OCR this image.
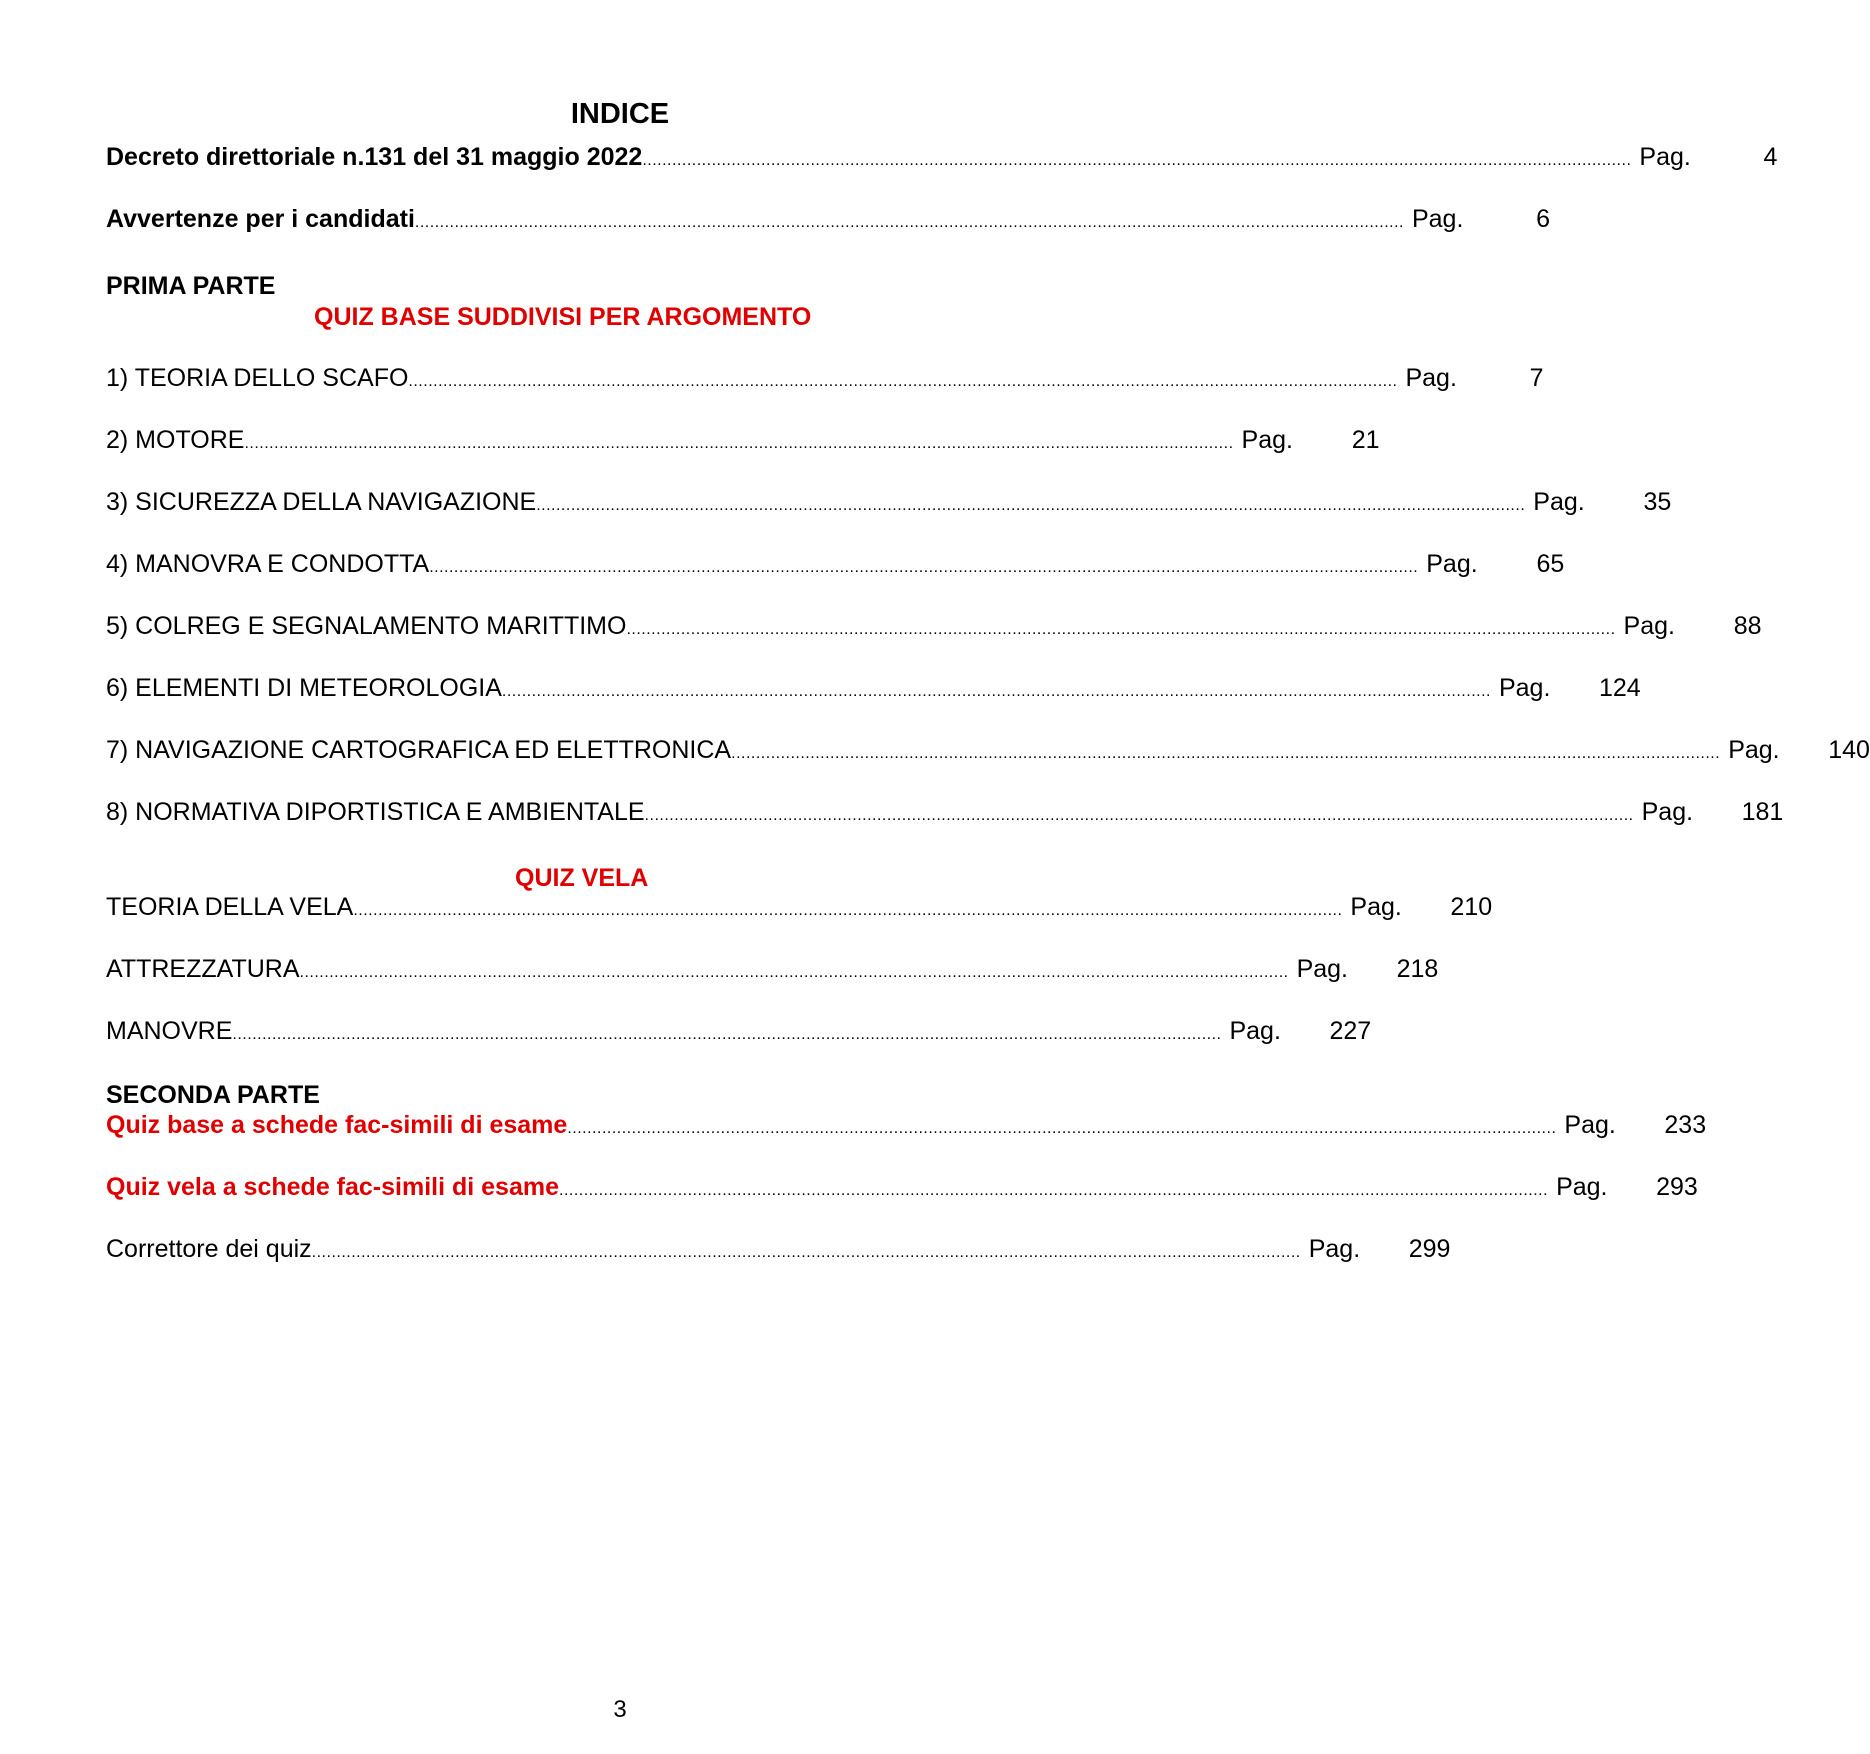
INDICE
Decreto direttoriale n.131 del 31 maggio 2022 ........................................................................................................................................................................................................ Pag.	4
Avvertenze per i candidati ........................................................................................................................................................................................................ Pag.	6
PRIMA PARTE
QUIZ BASE SUDDIVISI PER ARGOMENTO
1) TEORIA DELLO SCAFO ........................................................................................................................................................................................................ Pag.	7
2) MOTORE ........................................................................................................................................................................................................ Pag.	21
3) SICUREZZA DELLA NAVIGAZIONE ........................................................................................................................................................................................................ Pag.	35
4) MANOVRA E CONDOTTA ........................................................................................................................................................................................................ Pag.	65
5) COLREG E SEGNALAMENTO MARITTIMO ........................................................................................................................................................................................................ Pag.	88
6) ELEMENTI DI METEOROLOGIA ........................................................................................................................................................................................................ Pag.	124
7) NAVIGAZIONE CARTOGRAFICA ED ELETTRONICA ........................................................................................................................................................................................................ Pag.	140
8) NORMATIVA DIPORTISTICA E AMBIENTALE ........................................................................................................................................................................................................ Pag.	181
QUIZ VELA
TEORIA DELLA VELA ........................................................................................................................................................................................................ Pag.	210
ATTREZZATURA ........................................................................................................................................................................................................ Pag.	218
MANOVRE ........................................................................................................................................................................................................ Pag.	227
SECONDA PARTE
Quiz base a schede fac-simili di esame ........................................................................................................................................................................................................ Pag.	233
Quiz vela a schede fac-simili di esame ........................................................................................................................................................................................................ Pag.	293
Correttore dei quiz ........................................................................................................................................................................................................ Pag.	299
3
